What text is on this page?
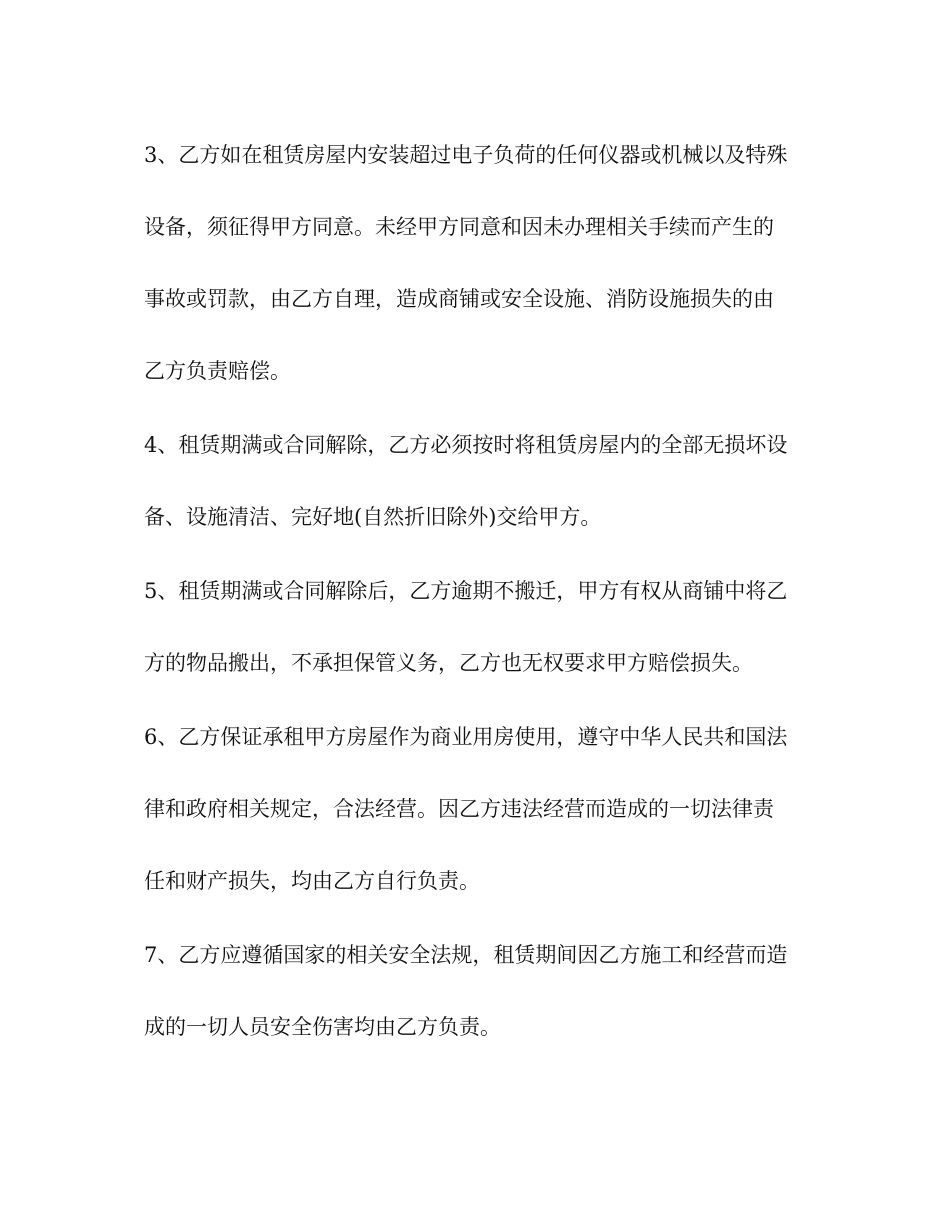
3、乙方如在租赁房屋内安装超过电子负荷的任何仪器或机械以及特殊
设备，须征得甲方同意。未经甲方同意和因未办理相关手续而产生的
事故或罚款，由乙方自理，造成商铺或安全设施、消防设施损失的由
乙方负责赔偿。
4、租赁期满或合同解除，乙方必须按时将租赁房屋内的全部无损坏设
备、设施清洁、完好地(自然折旧除外)交给甲方。
5、租赁期满或合同解除后，乙方逾期不搬迁，甲方有权从商铺中将乙
方的物品搬出，不承担保管义务，乙方也无权要求甲方赔偿损失。
6、乙方保证承租甲方房屋作为商业用房使用，遵守中华人民共和国法
律和政府相关规定，合法经营。因乙方违法经营而造成的一切法律责
任和财产损失，均由乙方自行负责。
7、乙方应遵循国家的相关安全法规，租赁期间因乙方施工和经营而造
成的一切人员安全伤害均由乙方负责。
